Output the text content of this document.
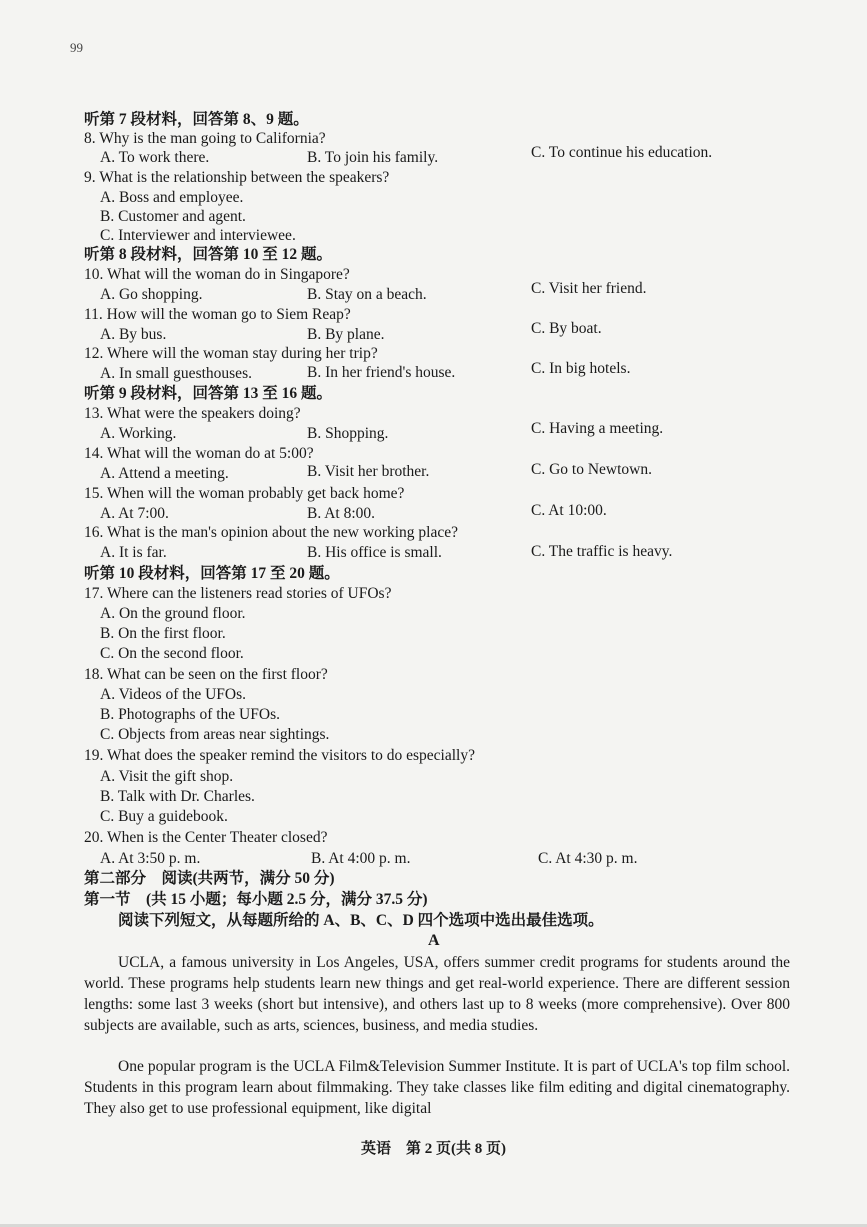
99
听第 7 段材料，回答第 8、9 题。
8. Why is the man going to California?
A. To work there.	B. To join his family.	C. To continue his education.
9. What is the relationship between the speakers?
A. Boss and employee.
B. Customer and agent.
C. Interviewer and interviewee.
听第 8 段材料，回答第 10 至 12 题。
10. What will the woman do in Singapore?
A. Go shopping.	B. Stay on a beach.	C. Visit her friend.
11. How will the woman go to Siem Reap?
A. By bus.	B. By plane.	C. By boat.
12. Where will the woman stay during her trip?
A. In small guesthouses.	B. In her friend's house.	C. In big hotels.
听第 9 段材料，回答第 13 至 16 题。
13. What were the speakers doing?
A. Working.	B. Shopping.	C. Having a meeting.
14. What will the woman do at 5:00?
A. Attend a meeting.	B. Visit her brother.	C. Go to Newtown.
15. When will the woman probably get back home?
A. At 7:00.	B. At 8:00.	C. At 10:00.
16. What is the man's opinion about the new working place?
A. It is far.	B. His office is small.	C. The traffic is heavy.
听第 10 段材料，回答第 17 至 20 题。
17. Where can the listeners read stories of UFOs?
A. On the ground floor.
B. On the first floor.
C. On the second floor.
18. What can be seen on the first floor?
A. Videos of the UFOs.
B. Photographs of the UFOs.
C. Objects from areas near sightings.
19. What does the speaker remind the visitors to do especially?
A. Visit the gift shop.
B. Talk with Dr. Charles.
C. Buy a guidebook.
20. When is the Center Theater closed?
A. At 3:50 p. m.	B. At 4:00 p. m.	C. At 4:30 p. m.
第二部分　阅读(共两节，满分 50 分)
第一节　(共 15 小题；每小题 2.5 分，满分 37.5 分)
阅读下列短文，从每题所给的 A、B、C、D 四个选项中选出最佳选项。
A
UCLA, a famous university in Los Angeles, USA, offers summer credit programs for students around the world. These programs help students learn new things and get real-world experience. There are different session lengths: some last 3 weeks (short but intensive), and others last up to 8 weeks (more comprehensive). Over 800 subjects are available, such as arts, sciences, business, and media studies.
One popular program is the UCLA Film&Television Summer Institute. It is part of UCLA's top film school. Students in this program learn about filmmaking. They take classes like film editing and digital cinematography. They also get to use professional equipment, like digital
英语　第 2 页(共 8 页)
